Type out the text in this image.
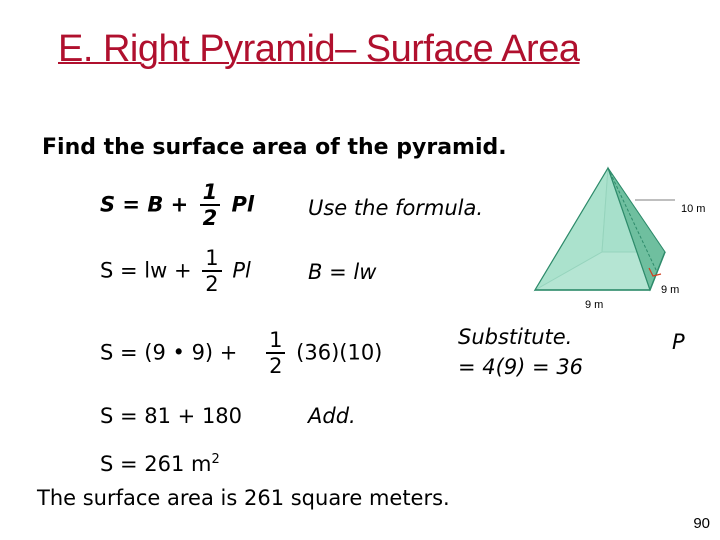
E. Right Pyramid– Surface Area
Find the surface area of the pyramid.
$S = B + \frac{1}{2}$ Pl	Use the formula.
S = lw + $\frac{1}{2}$ Pl	B = lw
S = (9 • $9) + \frac{1}{2} (36)(10)$
Substitute.
= 4(9) = 36
P
S = 81 + 180	Add.
S = 261 $m^2$
The surface area is 261 square meters.
10 m
9 m
9 m
90
